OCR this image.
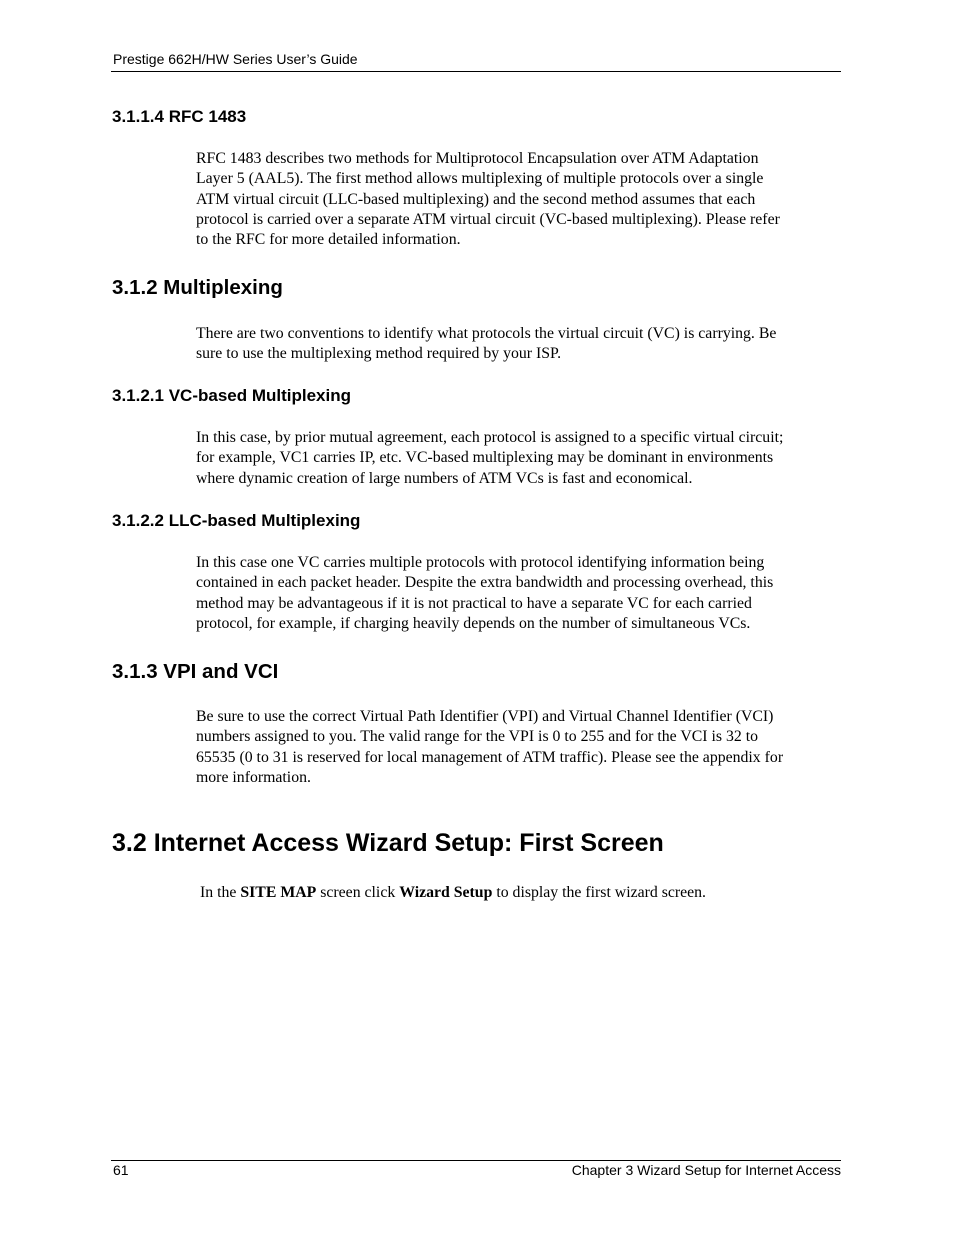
Prestige 662H/HW Series User’s Guide
3.1.1.4 RFC 1483
RFC 1483 describes two methods for Multiprotocol Encapsulation over ATM Adaptation
Layer 5 (AAL5). The first method allows multiplexing of multiple protocols over a single
ATM virtual circuit (LLC-based multiplexing) and the second method assumes that each
protocol is carried over a separate ATM virtual circuit (VC-based multiplexing). Please refer
to the RFC for more detailed information.
3.1.2 Multiplexing
There are two conventions to identify what protocols the virtual circuit (VC) is carrying. Be
sure to use the multiplexing method required by your ISP.
3.1.2.1 VC-based Multiplexing
In this case, by prior mutual agreement, each protocol is assigned to a specific virtual circuit;
for example, VC1 carries IP, etc. VC-based multiplexing may be dominant in environments
where dynamic creation of large numbers of ATM VCs is fast and economical.
3.1.2.2 LLC-based Multiplexing
In this case one VC carries multiple protocols with protocol identifying information being
contained in each packet header. Despite the extra bandwidth and processing overhead, this
method may be advantageous if it is not practical to have a separate VC for each carried
protocol, for example, if charging heavily depends on the number of simultaneous VCs.
3.1.3 VPI and VCI
Be sure to use the correct Virtual Path Identifier (VPI) and Virtual Channel Identifier (VCI)
numbers assigned to you. The valid range for the VPI is 0 to 255 and for the VCI is 32 to
65535 (0 to 31 is reserved for local management of ATM traffic). Please see the appendix for
more information.
3.2 Internet Access Wizard Setup: First Screen
In the SITE MAP screen click Wizard Setup to display the first wizard screen.
61	Chapter 3 Wizard Setup for Internet Access
